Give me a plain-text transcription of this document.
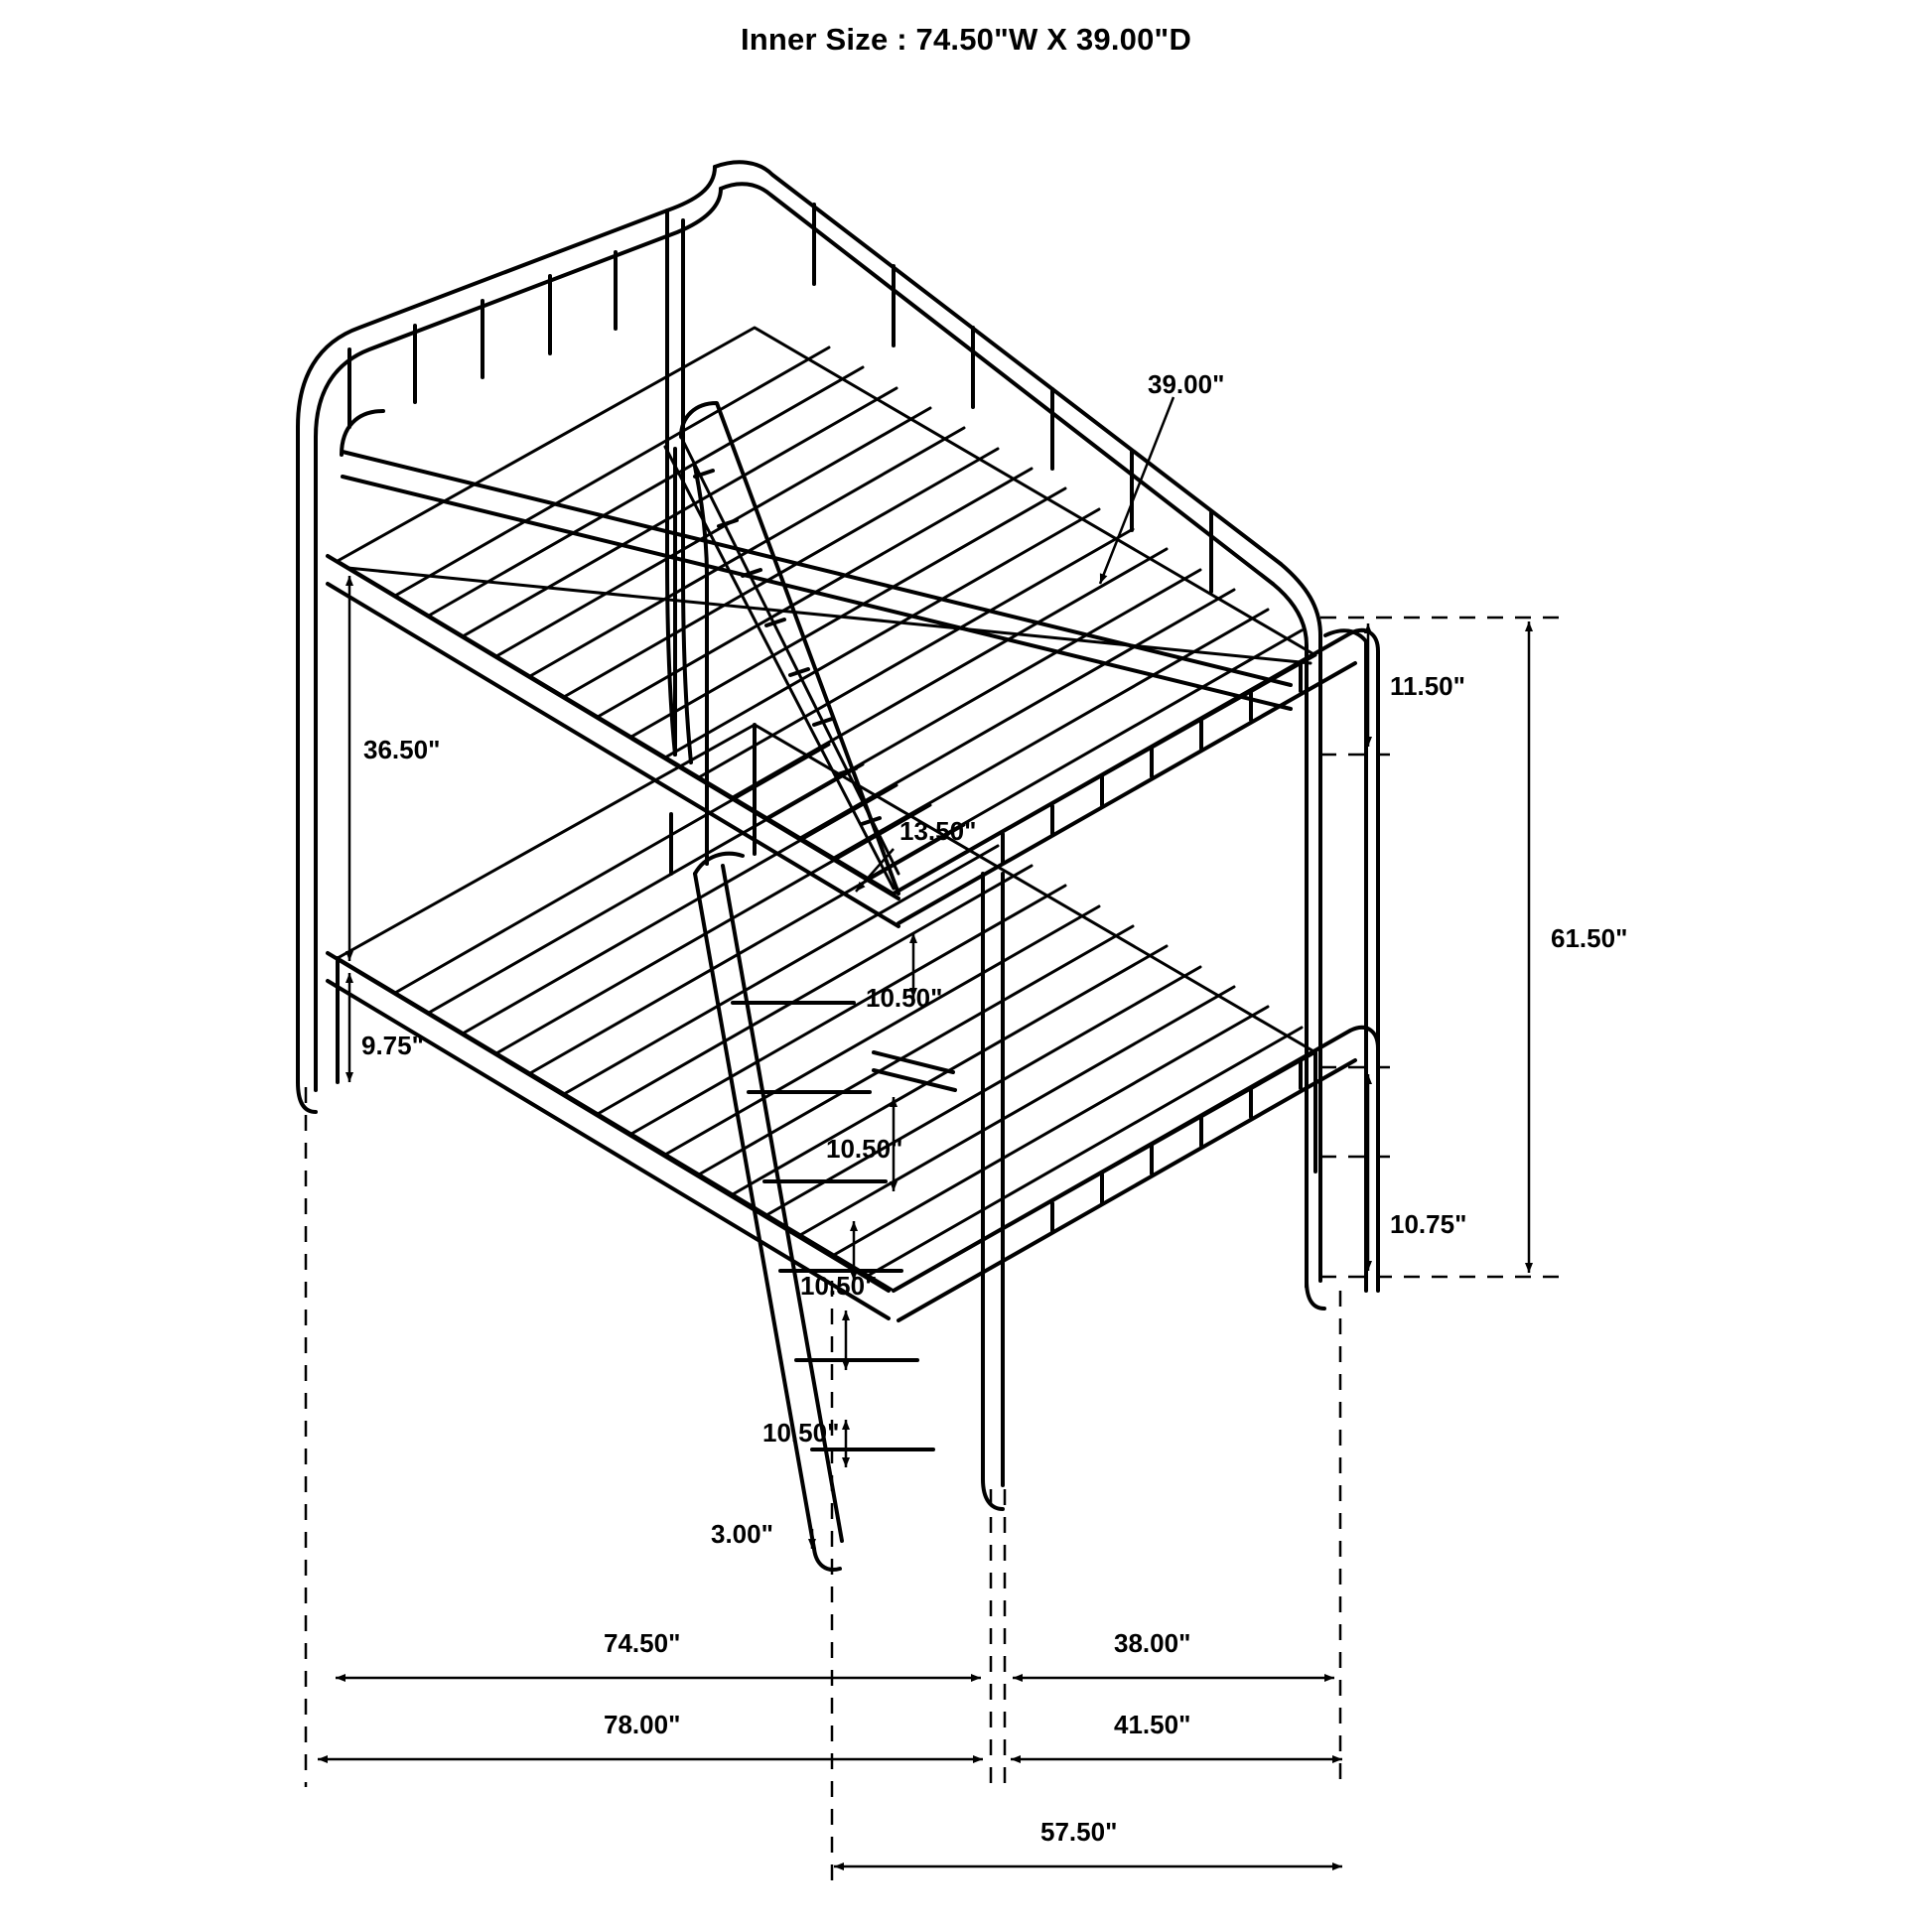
Inner Size : 74.50"W X 39.00"D
39.00"
11.50"
36.50"
13.50"
9.75"
10.50"
10.50"
10.50"
10.50"
3.00"
61.50"
10.75"
74.50"	38.00"
78.00"	41.50"
57.50"
